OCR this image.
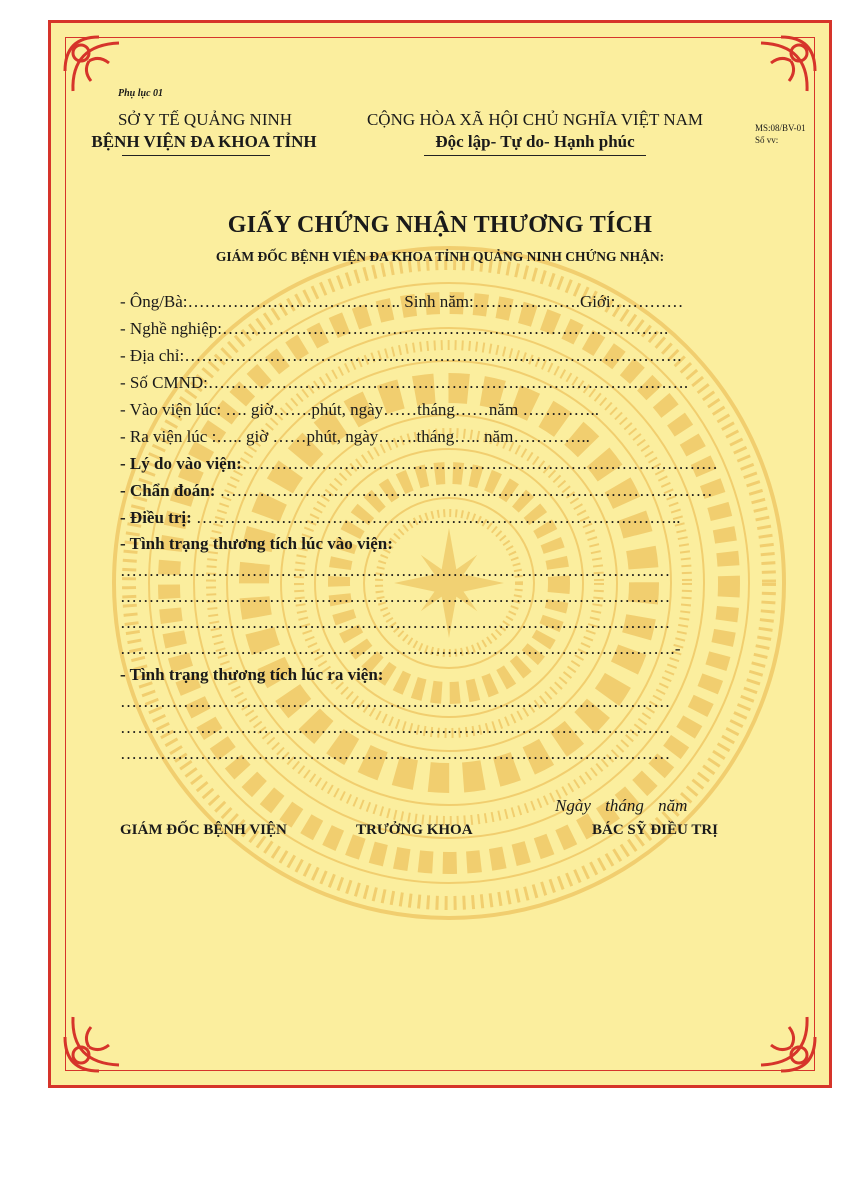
Phụ lục 01
SỞ Y TẾ QUẢNG NINH
BỆNH VIỆN ĐA KHOA TỈNH
CỘNG HÒA XÃ HỘI CHỦ NGHĨA VIỆT NAM
Độc lập- Tự do- Hạnh phúc
MS:08/BV-01
Số vv:
GIẤY CHỨNG NHẬN THƯƠNG TÍCH
GIÁM ĐỐC BỆNH VIỆN ĐA KHOA TỈNH QUẢNG NINH CHỨNG NHẬN:
- Ông/Bà:……………………………….. Sinh năm:……………….Giới:…………
- Nghề nghiệp:…………………………………………………………………….
- Địa chỉ:…………………………………………………………………………….
- Số CMND:………………………………………………………………………….
- Vào viện lúc: …. giờ…….phút, ngày……tháng……năm …………..
- Ra viện lúc :….. giờ ……phút, ngày…….tháng….. năm…………..
- Lý do vào viện:…………………………………………………………………………
- Chẩn đoán: ……………………………………………………………………………
- Điều trị: …………………………………………………………………………..
- Tình trạng thương tích lúc vào viện:
……………………………………………………………………………………
……………………………………………………………………………………
……………………………………………………………………………………
…………………………………………………………………………………….-
- Tình trạng thương tích lúc ra viện:
……………………………………………………………………………………
……………………………………………………………………………………
……………………………………………………………………………………
Ngày tháng năm
GIÁM ĐỐC BỆNH VIỆN	TRƯỞNG KHOA	BÁC SỸ ĐIỀU TRỊ
